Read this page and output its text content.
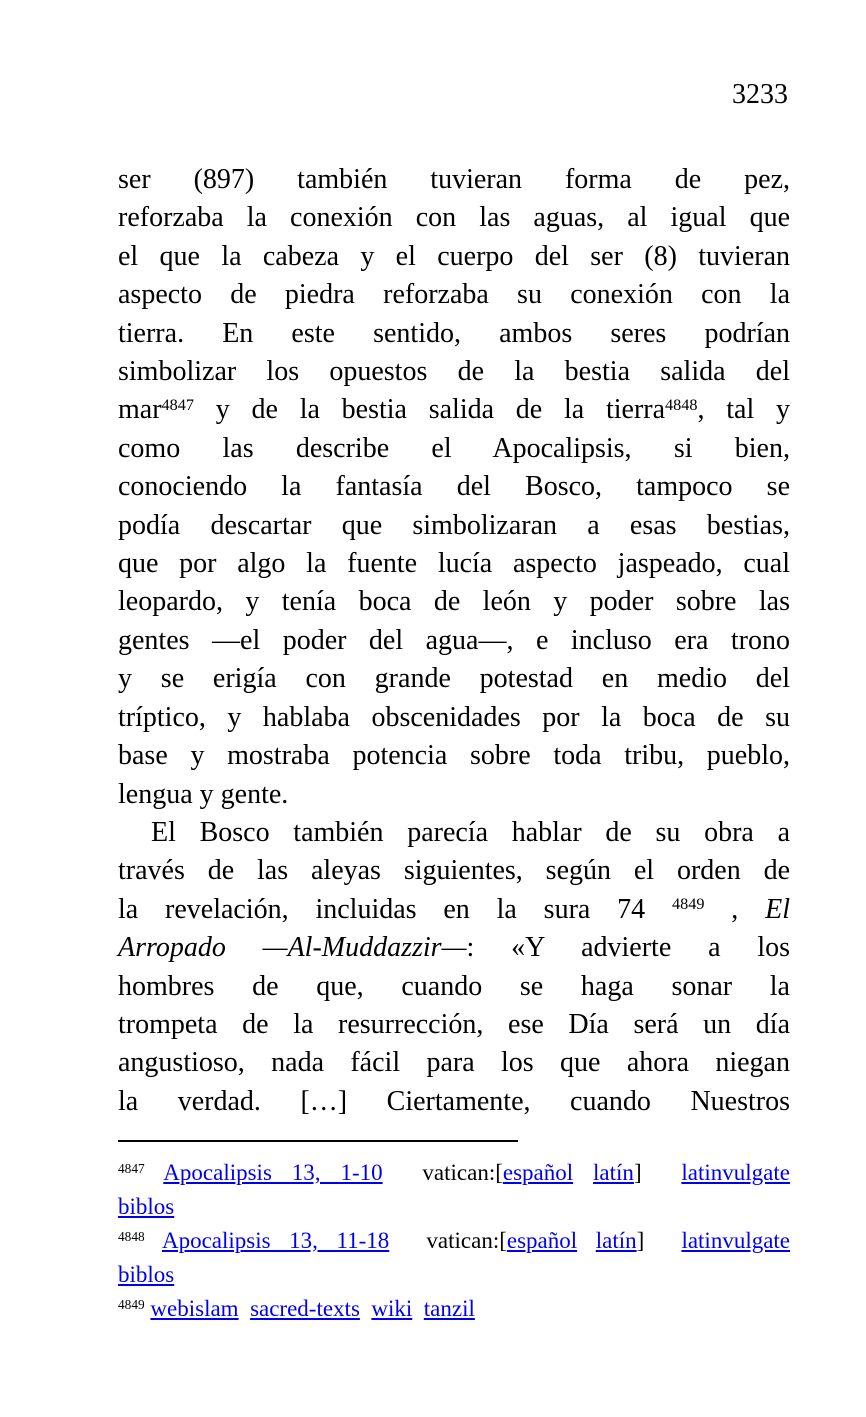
3233
ser (897) también tuvieran forma de pez,
reforzaba la conexión con las aguas, al igual que
el que la cabeza y el cuerpo del ser (8) tuvieran
aspecto de piedra reforzaba su conexión con la
tierra. En este sentido, ambos seres podrían
simbolizar los opuestos de la bestia salida del
mar$^{4847}$ y de la bestia salida de la tierra$^{4848}$, tal y
como las describe el Apocalipsis, si bien,
conociendo la fantasía del Bosco, tampoco se
podía descartar que simbolizaran a esas bestias,
que por algo la fuente lucía aspecto jaspeado, cual
leopardo, y tenía boca de león y poder sobre las
gentes —el poder del agua—, e incluso era trono
y se erigía con grande potestad en medio del
tríptico, y hablaba obscenidades por la boca de su
base y mostraba potencia sobre toda tribu, pueblo,
lengua y gente.
El Bosco también parecía hablar de su obra a
través de las aleyas siguientes, según el orden de
la revelación, incluidas en la sura 74 $^{4849}$ , El
Arropado —Al-Muddazzir—: «Y advierte a los
hombres de que, cuando se haga sonar la
trompeta de la resurrección, ese Día será un día
angustioso, nada fácil para los que ahora niegan
la verdad. […] Ciertamente, cuando Nuestros
$^{4847}$ Apocalipsis 13, 1-10  vatican:[español latín]  latinvulgate
biblos
$^{4848}$ Apocalipsis 13, 11-18  vatican:[español latín]  latinvulgate
biblos
$^{4849}$ webislam sacred-texts wiki tanzil
